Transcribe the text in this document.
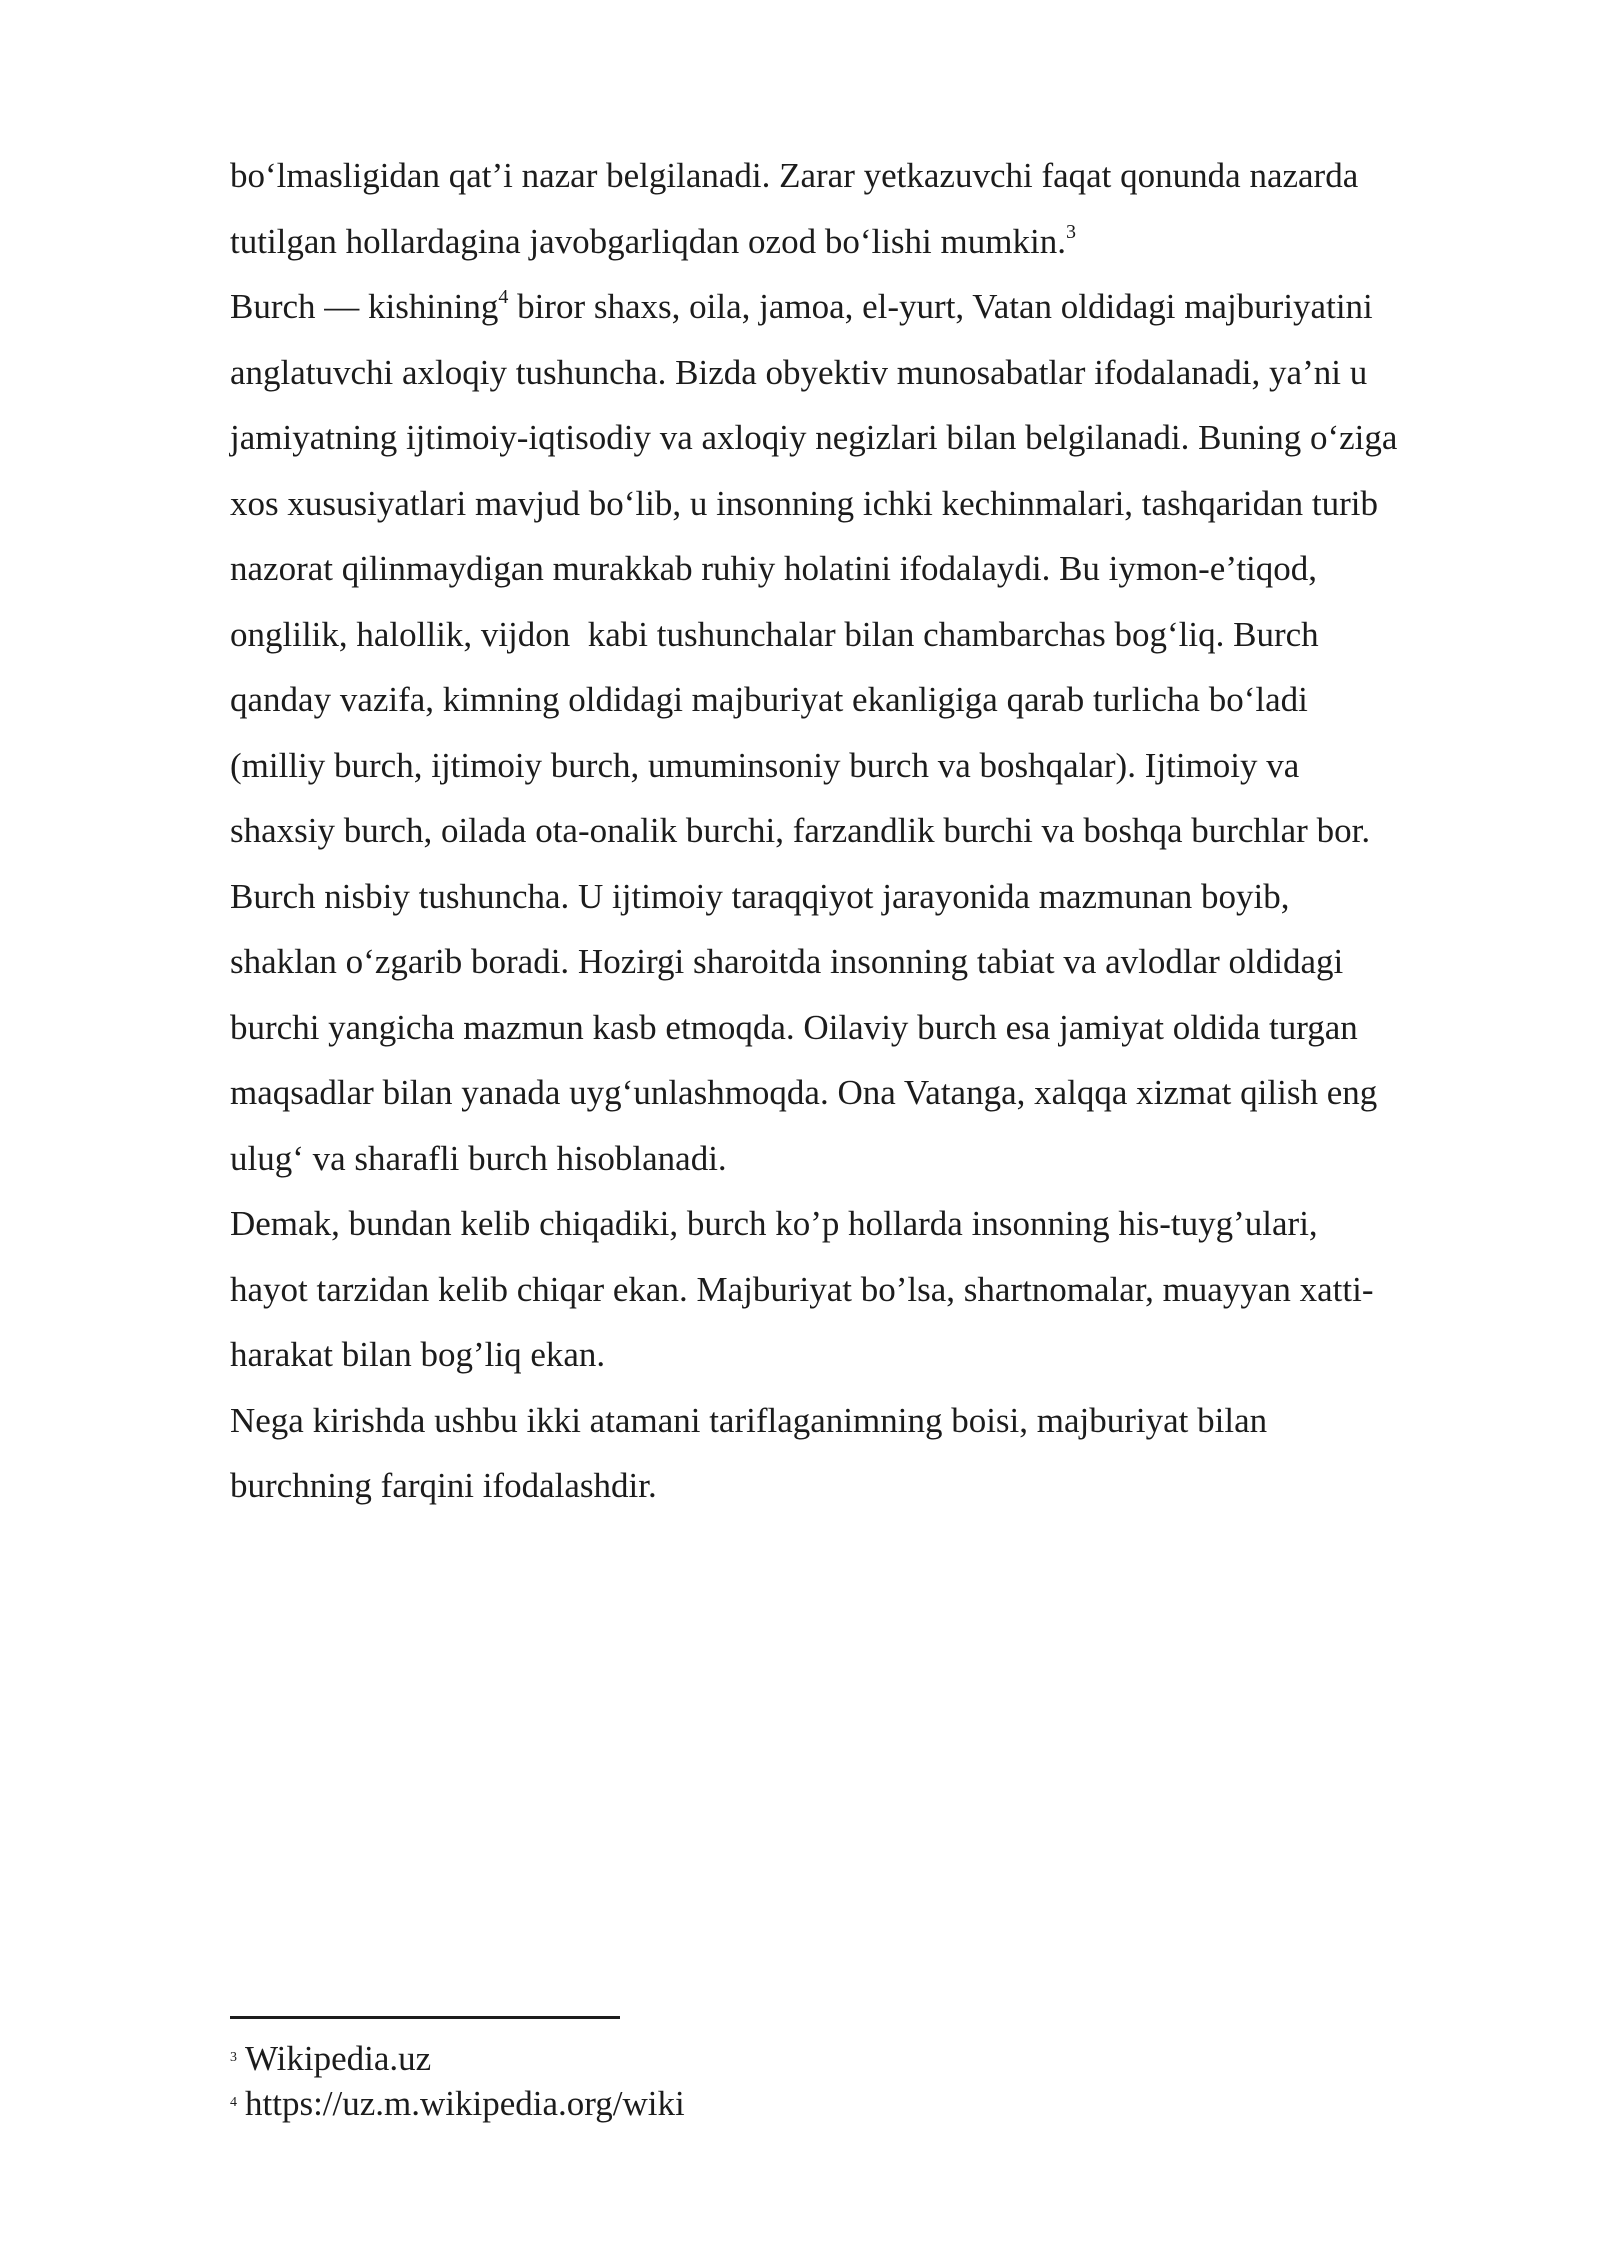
bo‘lmasligidan qat’i nazar belgilanadi. Zarar yetkazuvchi faqat qonunda nazarda

tutilgan hollardagina javobgarliqdan ozod bo‘lishi mumkin.$^3$

Burch — kishining$^4$ biror shaxs, oila, jamoa, el-yurt, Vatan oldidagi majburiyatini

anglatuvchi axloqiy tushuncha. Bizda obyektiv munosabatlar ifodalanadi, ya’ni u

jamiyatning ijtimoiy-iqtisodiy va axloqiy negizlari bilan belgilanadi. Buning o‘ziga

xos xususiyatlari mavjud bo‘lib, u insonning ichki kechinmalari, tashqaridan turib

nazorat qilinmaydigan murakkab ruhiy holatini ifodalaydi. Bu iymon-e’tiqod,

onglilik, halollik, vijdon  kabi tushunchalar bilan chambarchas bog‘liq. Burch

qanday vazifa, kimning oldidagi majburiyat ekanligiga qarab turlicha bo‘ladi

(milliy burch, ijtimoiy burch, umuminsoniy burch va boshqalar). Ijtimoiy va

shaxsiy burch, oilada ota-onalik burchi, farzandlik burchi va boshqa burchlar bor.

Burch nisbiy tushuncha. U ijtimoiy taraqqiyot jarayonida mazmunan boyib,

shaklan o‘zgarib boradi. Hozirgi sharoitda insonning tabiat va avlodlar oldidagi

burchi yangicha mazmun kasb etmoqda. Oilaviy burch esa jamiyat oldida turgan

maqsadlar bilan yanada uyg‘unlashmoqda. Ona Vatanga, xalqqa xizmat qilish eng

ulug‘ va sharafli burch hisoblanadi.

Demak, bundan kelib chiqadiki, burch ko’p hollarda insonning his-tuyg’ulari,

hayot tarzidan kelib chiqar ekan. Majburiyat bo’lsa, shartnomalar, muayyan xatti-

harakat bilan bog’liq ekan.

Nega kirishda ushbu ikki atamani tariflaganimning boisi, majburiyat bilan

burchning farqini ifodalashdir.

$^3$ Wikipedia.uz

$^4$ https://uz.m.wikipedia.org/wiki
